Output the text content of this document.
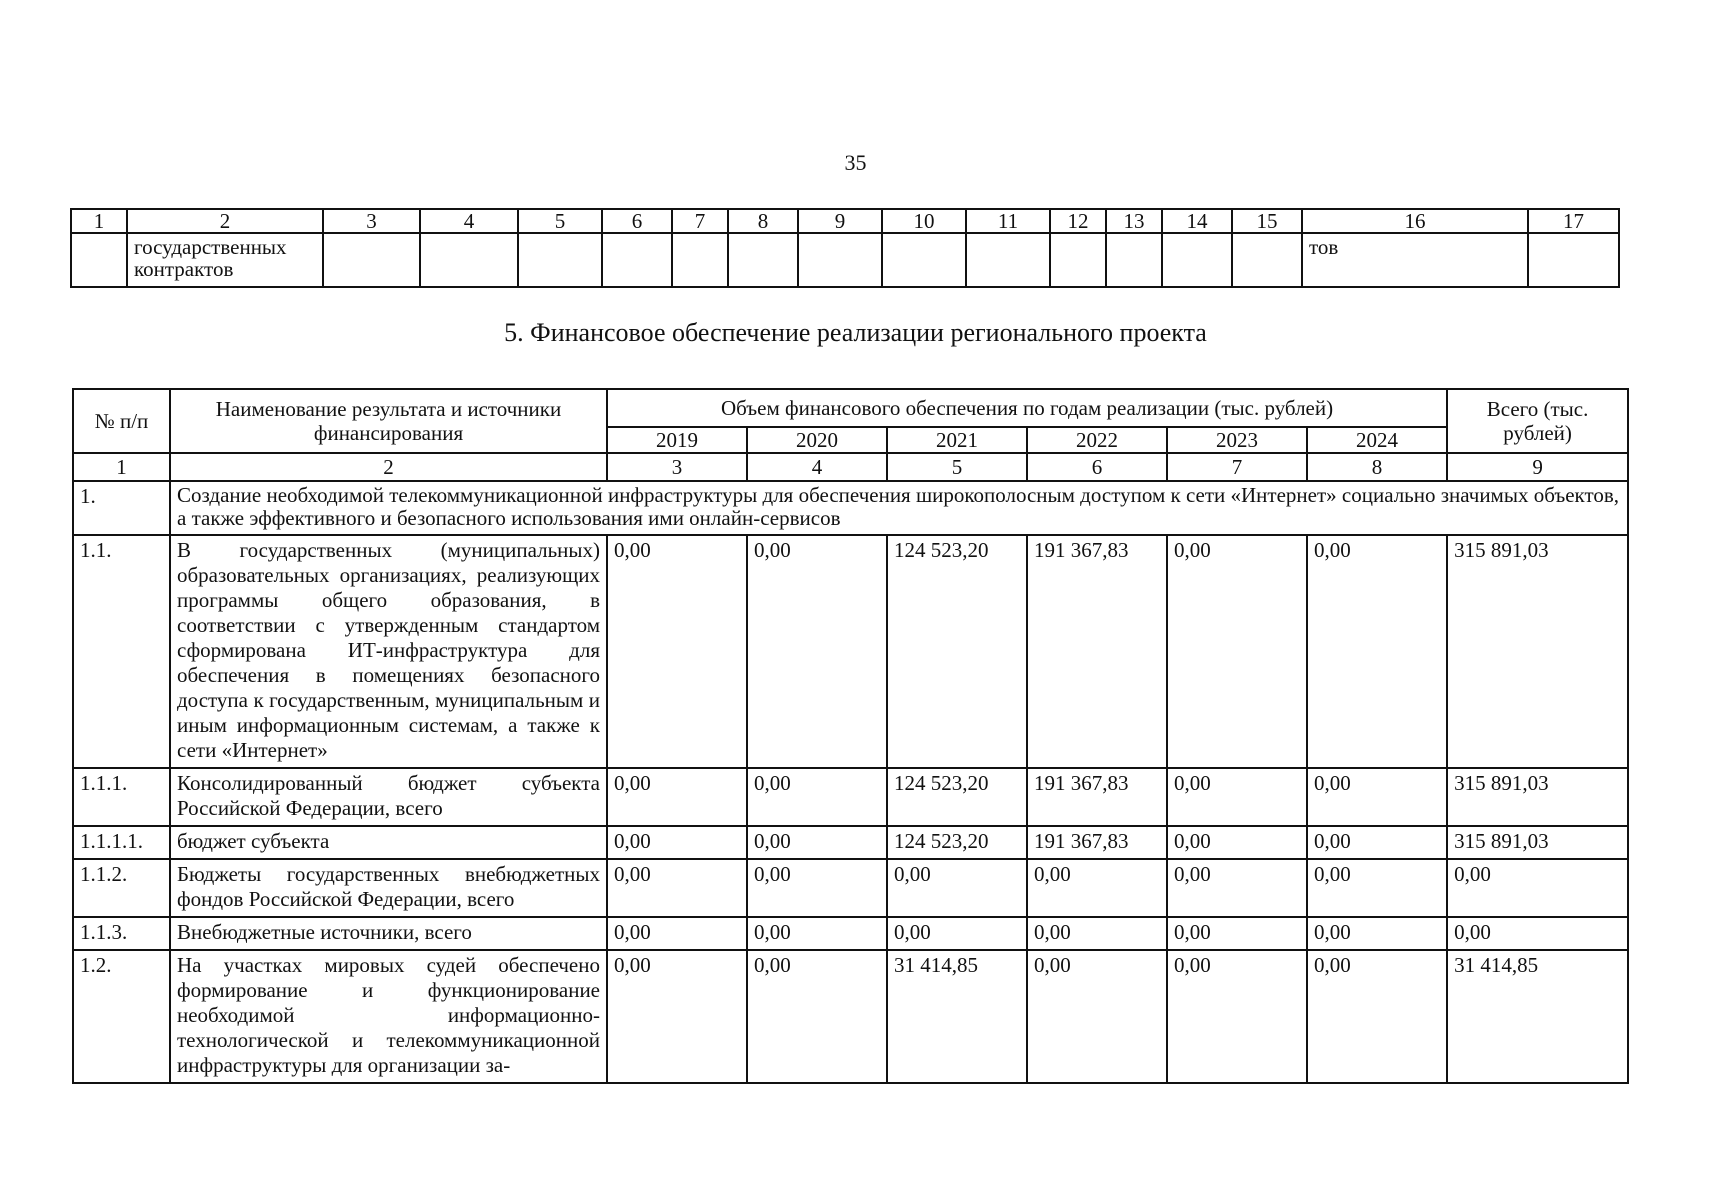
35
1	2	3	4	5	6	7	8	9	10	11	12	13	14	15	16	17
	государственных контрактов														тов	
5. Финансовое обеспечение реализации регионального проекта
№ п/п	Наименование результата и источники финансирования	Объем финансового обеспечения по годам реализации (тыс. рублей)						Всего (тыс. рублей)
		2019	2020	2021	2022	2023	2024	
1	2	3	4	5	6	7	8	9
1.	Создание необходимой телекоммуникационной инфраструктуры для обеспечения широкополосным доступом к сети «Интернет» социально значимых объектов, а также эффективного и безопасного использования ими онлайн-сервисов							
1.1.	В государственных (муниципальных) образовательных организациях, реализующих программы общего образования, в соответствии с утвержденным стандартом сформирована ИТ-инфраструктура для обеспечения в помещениях безопасного доступа к государственным, муниципальным и иным информационным системам, а также к сети «Интернет»	0,00	0,00	124 523,20	191 367,83	0,00	0,00	315 891,03
1.1.1.	Консолидированный бюджет субъекта Российской Федерации, всего	0,00	0,00	124 523,20	191 367,83	0,00	0,00	315 891,03
1.1.1.1.	бюджет субъекта	0,00	0,00	124 523,20	191 367,83	0,00	0,00	315 891,03
1.1.2.	Бюджеты государственных внебюджетных фондов Российской Федерации, всего	0,00	0,00	0,00	0,00	0,00	0,00	0,00
1.1.3.	Внебюджетные источники, всего	0,00	0,00	0,00	0,00	0,00	0,00	0,00
1.2.	На участках мировых судей обеспечено формирование и функционирование необходимой информационно-технологической и телекоммуникационной инфраструктуры для организации за-	0,00	0,00	31 414,85	0,00	0,00	0,00	31 414,85
